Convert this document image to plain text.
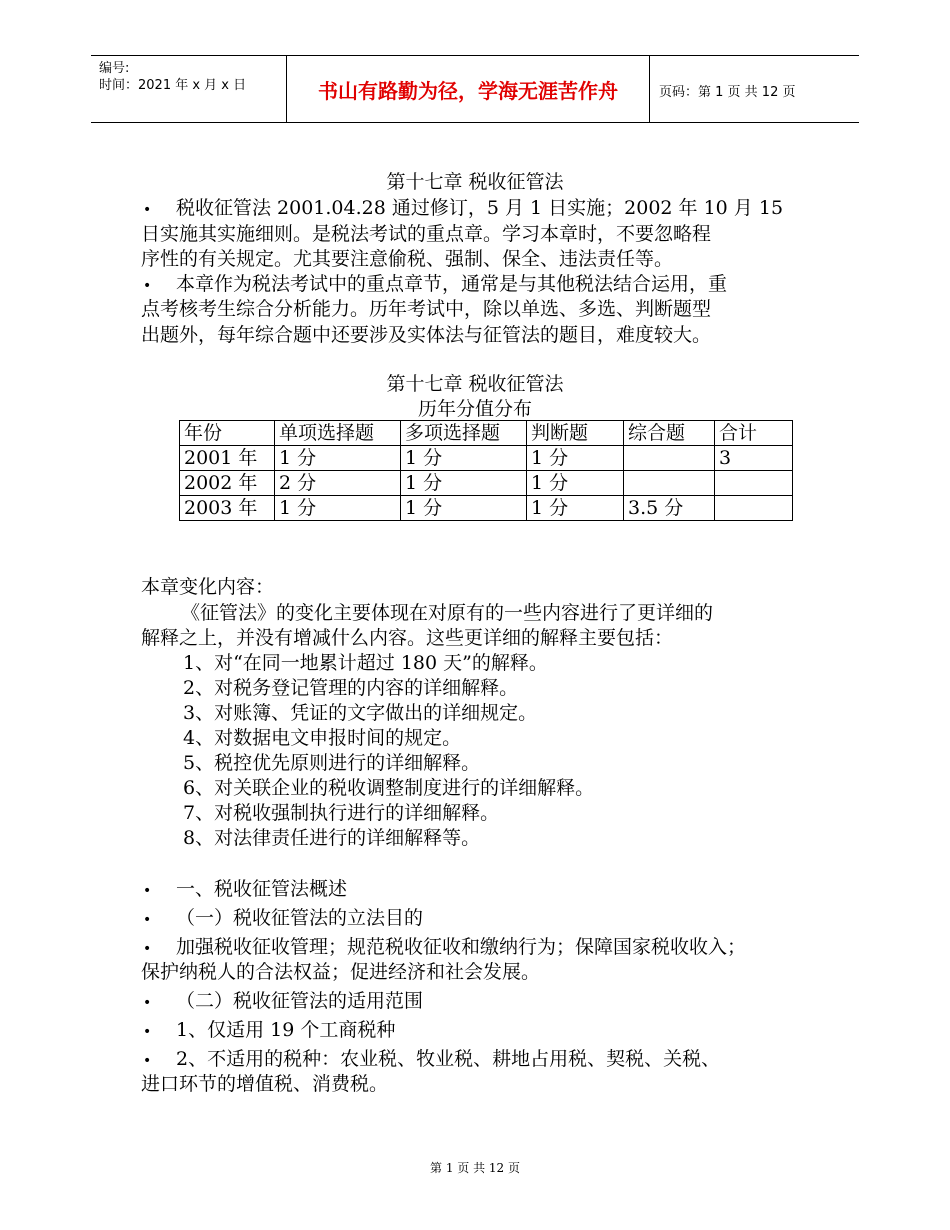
编号:
时间：2021 年 x 月 x 日	书山有路勤为径，学海无涯苦作舟	页码：第 1 页 共 12 页
第十七章 税收征管法
• 税收征管法 2001.04.28 通过修订，5 月 1 日实施；2002 年 10 月 15
日实施其实施细则。是税法考试的重点章。学习本章时，不要忽略程
序性的有关规定。尤其要注意偷税、强制、保全、违法责任等。
• 本章作为税法考试中的重点章节，通常是与其他税法结合运用，重
点考核考生综合分析能力。历年考试中，除以单选、多选、判断题型
出题外，每年综合题中还要涉及实体法与征管法的题目，难度较大。
第十七章 税收征管法
历年分值分布
年份	单项选择题	多项选择题	判断题	综合题	合计
2001 年	1 分	1 分	1 分		3
2002 年	2 分	1 分	1 分		
2003 年	1 分	1 分	1 分	3.5 分	
本章变化内容：
《征管法》的变化主要体现在对原有的一些内容进行了更详细的
解释之上，并没有增减什么内容。这些更详细的解释主要包括：
1、对“在同一地累计超过 180 天”的解释。
2、对税务登记管理的内容的详细解释。
3、对账簿、凭证的文字做出的详细规定。
4、对数据电文申报时间的规定。
5、税控优先原则进行的详细解释。
6、对关联企业的税收调整制度进行的详细解释。
7、对税收强制执行进行的详细解释。
8、对法律责任进行的详细解释等。
• 一、税收征管法概述
• （一）税收征管法的立法目的
• 加强税收征收管理；规范税收征收和缴纳行为；保障国家税收收入；
保护纳税人的合法权益；促进经济和社会发展。
• （二）税收征管法的适用范围
• 1、仅适用 19 个工商税种
• 2、不适用的税种：农业税、牧业税、耕地占用税、契税、关税、
进口环节的增值税、消费税。
第 1 页 共 12 页
